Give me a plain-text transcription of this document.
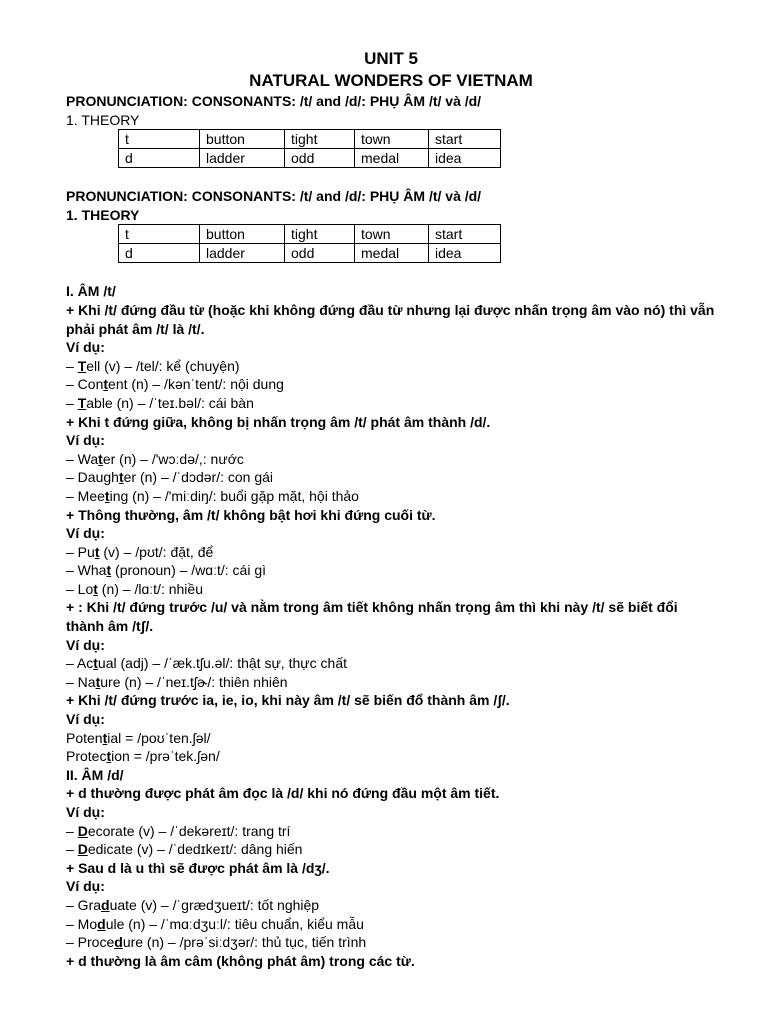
UNIT 5

NATURAL WONDERS OF VIETNAM

PRONUNCIATION: CONSONANTS: /t/ and /d/: PHỤ ÂM /t/ và /d/

1. THEORY

t	button	tight	town	start
d	ladder	odd	medal	idea

PRONUNCIATION: CONSONANTS: /t/ and /d/: PHỤ ÂM /t/ và /d/

1. THEORY

t	button	tight	town	start
d	ladder	odd	medal	idea

I. ÂM /t/

+ Khi /t/ đứng đầu từ (hoặc khi không đứng đầu từ nhưng lại được nhấn trọng âm vào nó) thì vẫn phải phát âm /t/ là /t/.

Ví dụ:

– Tell (v) – /tel/: kể (chuyện)

– Content (n) – /kənˈtent/: nội dung

– Table (n) – /ˈteɪ.bəl/: cái bàn

+ Khi t đứng giữa, không bị nhấn trọng âm /t/ phát âm thành /d/.

Ví dụ:

– Water (n) – /'wɔːdə/,: nước

– Daughter (n) – /ˈdɔdər/: con gái

– Meeting (n) – /'miːdiŋ/: buổi gặp mặt, hội thảo

+ Thông thường, âm /t/ không bật hơi khi đứng cuối từ.

Ví dụ:

– Put (v) – /pʊt/: đặt, để

– What (pronoun) – /wɑːt/: cái gì

– Lot (n) – /lɑːt/: nhiều

+ : Khi /t/ đứng trước /u/ và nằm trong âm tiết không nhấn trọng âm thì khi này /t/ sẽ biết đổi thành âm /tʃ/.

Ví dụ:

– Actual (adj) – /ˈæk.tʃu.əl/: thật sự, thực chất

– Nature (n) – /ˈneɪ.tʃɚ/: thiên nhiên

+ Khi /t/ đứng trước ia, ie, io, khi này âm /t/ sẽ biến đổ thành âm /ʃ/.

Ví dụ:

Potential = /poʊˈten.ʃəl/

Protection = /prəˈtek.ʃən/

II. ÂM /d/

+ d thường được phát âm đọc là /d/ khi nó đứng đầu một âm tiết.

Ví dụ:

– Decorate (v) – /ˈdekəreɪt/: trang trí

– Dedicate (v) – /ˈdedɪkeɪt/: dâng hiến

+ Sau d là u thì sẽ được phát âm là /dʒ/.

Ví dụ:

– Graduate (v) – /ˈɡrædʒueɪt/: tốt nghiệp

– Module (n) – /ˈmɑːdʒuːl/: tiêu chuẩn, kiểu mẫu

– Procedure (n) – /prəˈsiːdʒər/: thủ tục, tiến trình

+ d thường là âm câm (không phát âm) trong các từ.
